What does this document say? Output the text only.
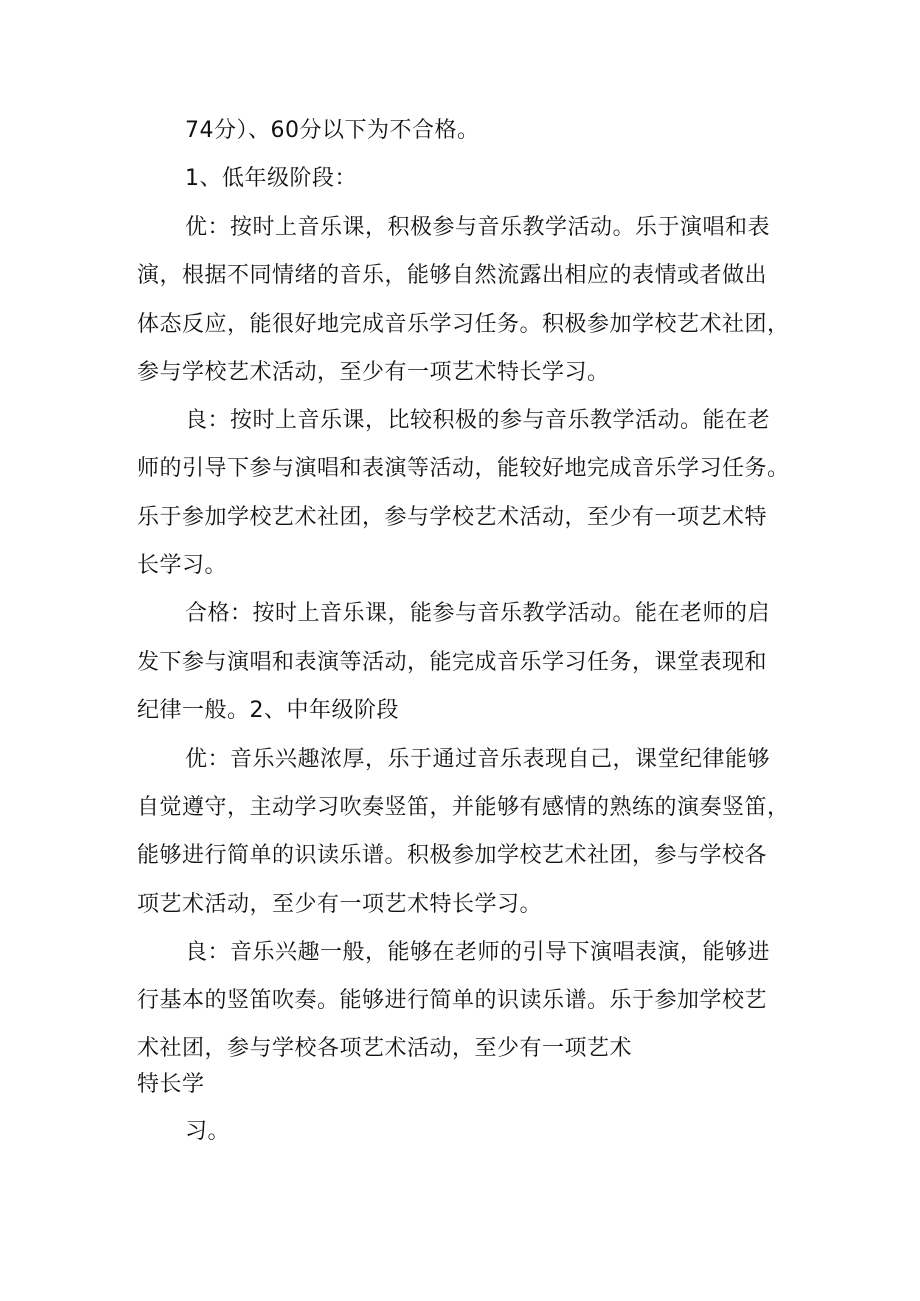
74分）、60分以下为不合格。
1、低年级阶段：
优：按时上音乐课，积极参与音乐教学活动。乐于演唱和表
演，根据不同情绪的音乐，能够自然流露出相应的表情或者做出
体态反应，能很好地完成音乐学习任务。积极参加学校艺术社团，
参与学校艺术活动，至少有一项艺术特长学习。
良：按时上音乐课，比较积极的参与音乐教学活动。能在老
师的引导下参与演唱和表演等活动，能较好地完成音乐学习任务。
乐于参加学校艺术社团，参与学校艺术活动，至少有一项艺术特
长学习。
合格：按时上音乐课，能参与音乐教学活动。能在老师的启
发下参与演唱和表演等活动，能完成音乐学习任务，课堂表现和
纪律一般。2、中年级阶段
优：音乐兴趣浓厚，乐于通过音乐表现自己，课堂纪律能够
自觉遵守，主动学习吹奏竖笛，并能够有感情的熟练的演奏竖笛，
能够进行简单的识读乐谱。积极参加学校艺术社团，参与学校各
项艺术活动，至少有一项艺术特长学习。
良：音乐兴趣一般，能够在老师的引导下演唱表演，能够进
行基本的竖笛吹奏。能够进行简单的识读乐谱。乐于参加学校艺
术社团，参与学校各项艺术活动，至少有一项艺术
特长学
习。
